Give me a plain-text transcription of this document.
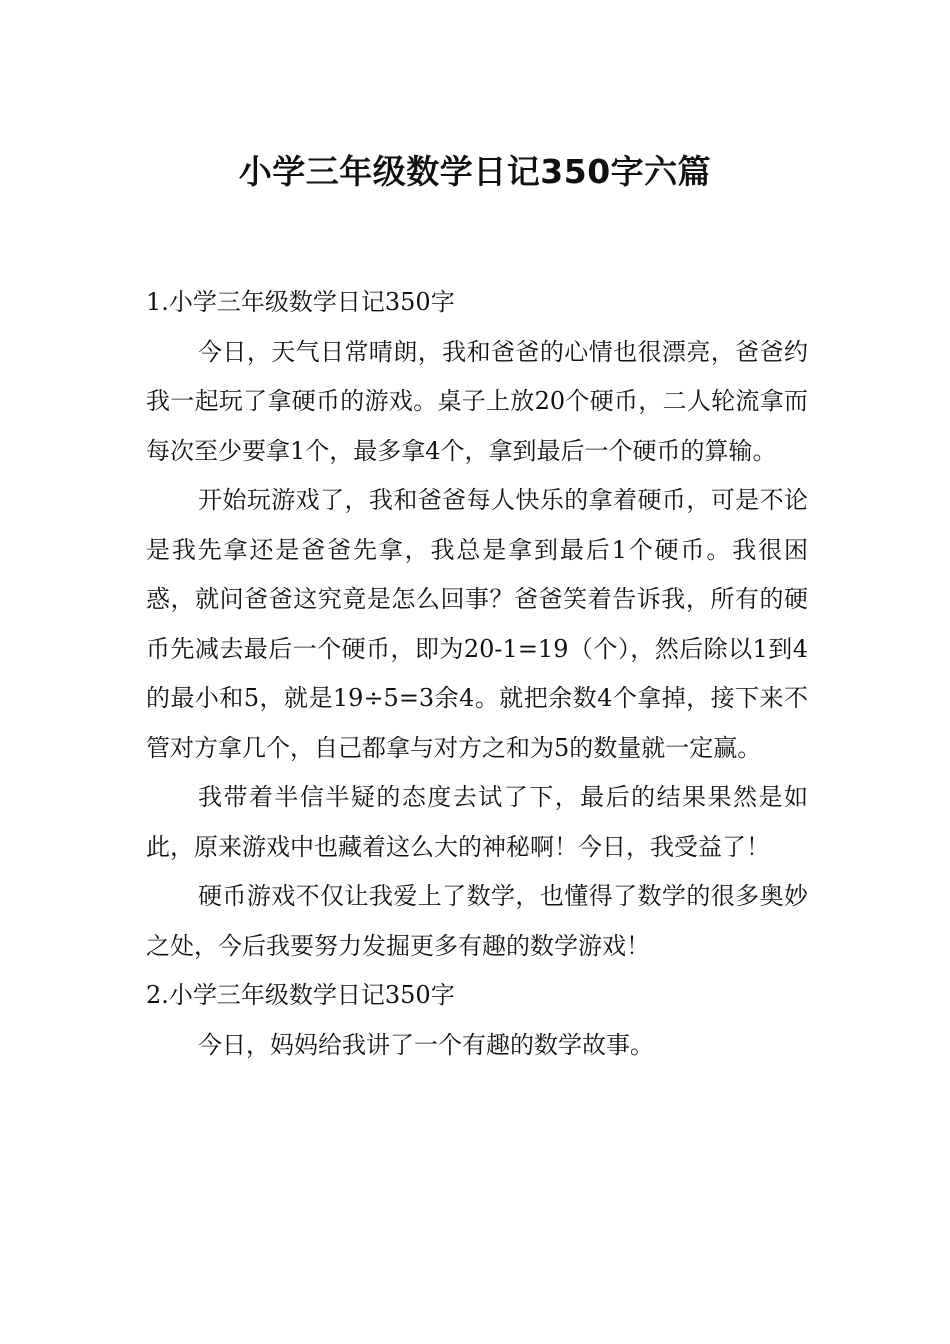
小学三年级数学日记350字六篇
1.小学三年级数学日记350字

今日，天气日常晴朗，我和爸爸的心情也很漂亮，爸爸约我一起玩了拿硬币的游戏。桌子上放20个硬币，二人轮流拿而每次至少要拿1个，最多拿4个，拿到最后一个硬币的算输。

开始玩游戏了，我和爸爸每人快乐的拿着硬币，可是不论是我先拿还是爸爸先拿，我总是拿到最后1个硬币。我很困惑，就问爸爸这究竟是怎么回事？爸爸笑着告诉我，所有的硬币先减去最后一个硬币，即为20-1=19（个），然后除以1到4的最小和5，就是19÷5=3余4。就把余数4个拿掉，接下来不管对方拿几个，自己都拿与对方之和为5的数量就一定赢。

我带着半信半疑的态度去试了下，最后的结果果然是如此，原来游戏中也藏着这么大的神秘啊！今日，我受益了！

硬币游戏不仅让我爱上了数学，也懂得了数学的很多奥妙之处，今后我要努力发掘更多有趣的数学游戏！

2.小学三年级数学日记350字

今日，妈妈给我讲了一个有趣的数学故事。
